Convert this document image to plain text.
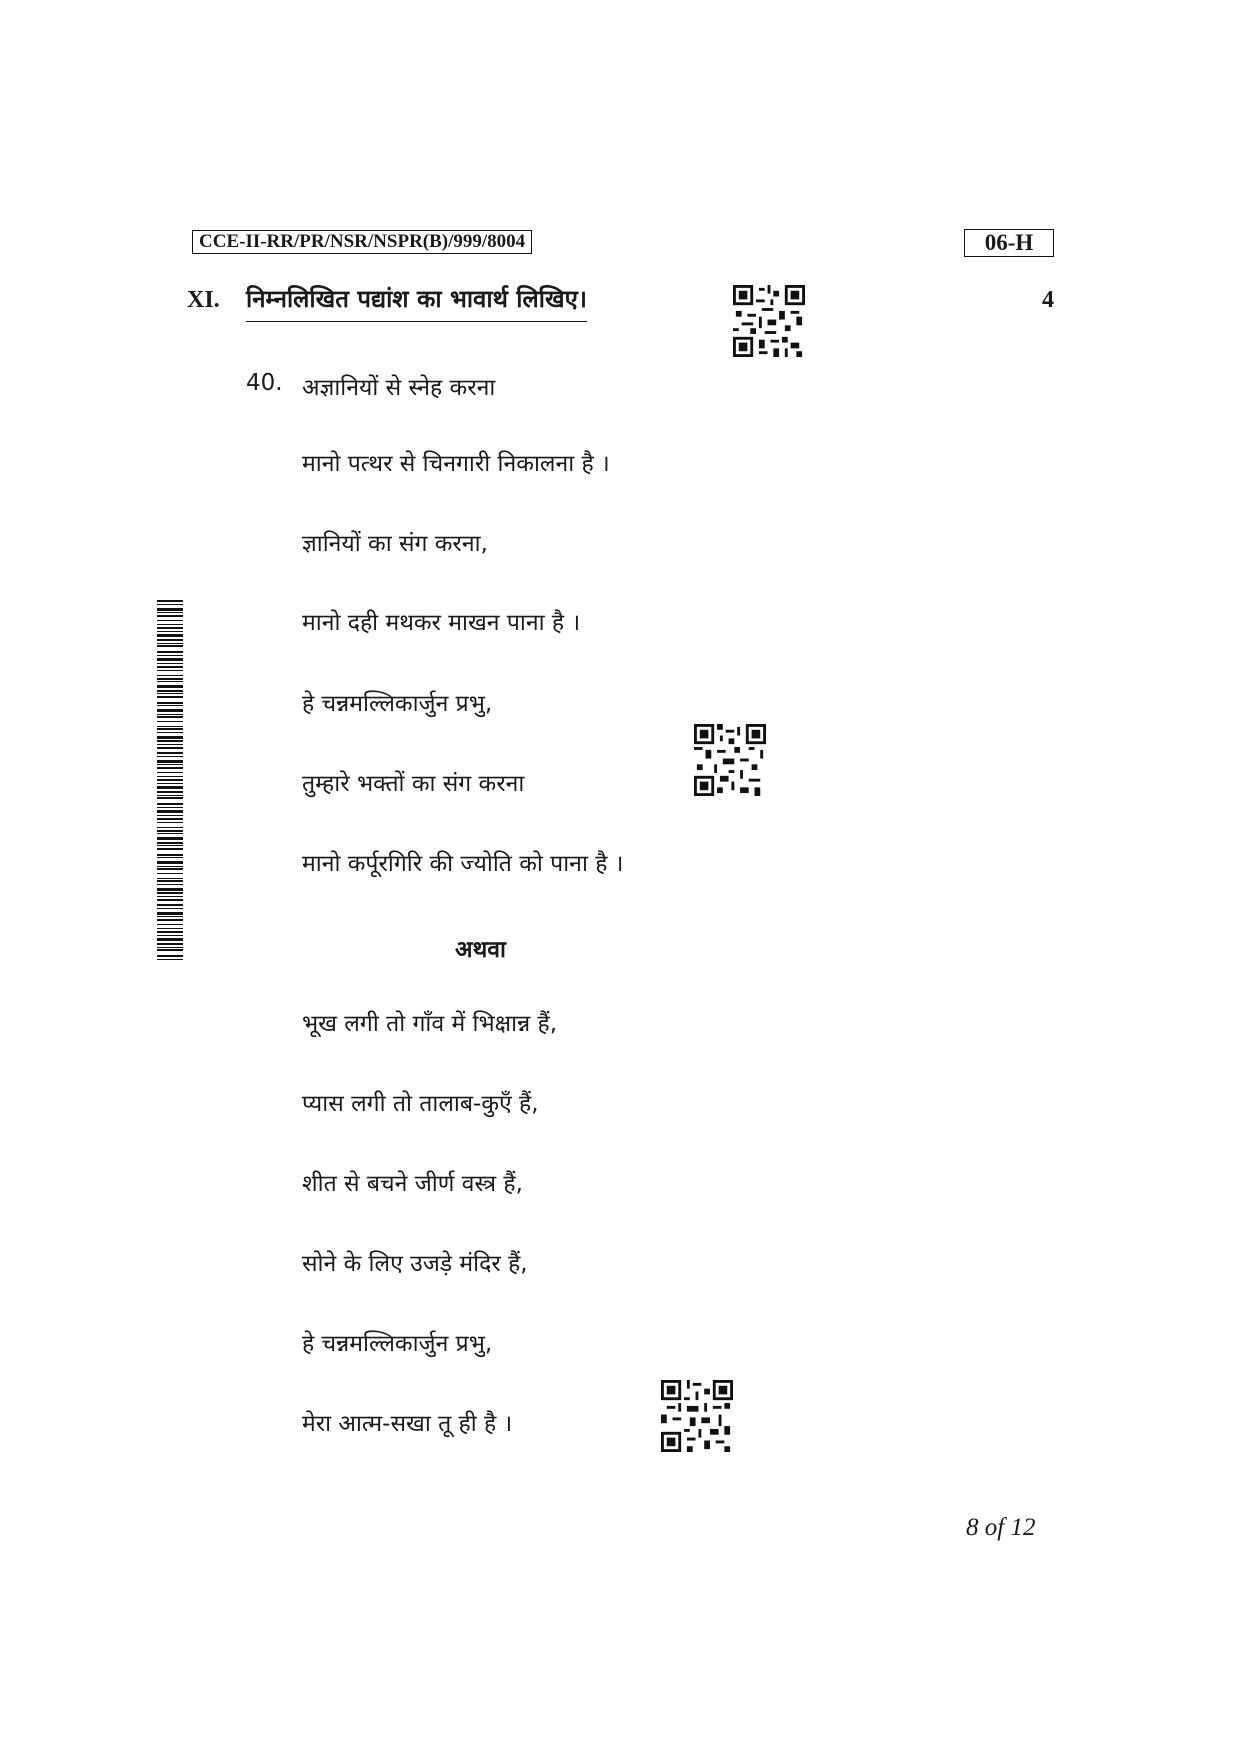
CCE-II-RR/PR/NSR/NSPR(B)/999/8004	06-H
XI. निम्नलिखित पद्यांश का भावार्थ लिखिए।	4
40. अज्ञानियों से स्नेह करना
मानो पत्थर से चिनगारी निकालना है ।
ज्ञानियों का संग करना,
मानो दही मथकर माखन पाना है ।
हे चन्नमल्लिकार्जुन प्रभु,
तुम्हारे भक्तों का संग करना
मानो कर्पूरगिरि की ज्योति को पाना है ।
अथवा
भूख लगी तो गाँव में भिक्षान्न हैं,
प्यास लगी तो तालाब-कुएँ हैं,
शीत से बचने जीर्ण वस्त्र हैं,
सोने के लिए उजड़े मंदिर हैं,
हे चन्नमल्लिकार्जुन प्रभु,
मेरा आत्म-सखा तू ही है ।
8 of 12
